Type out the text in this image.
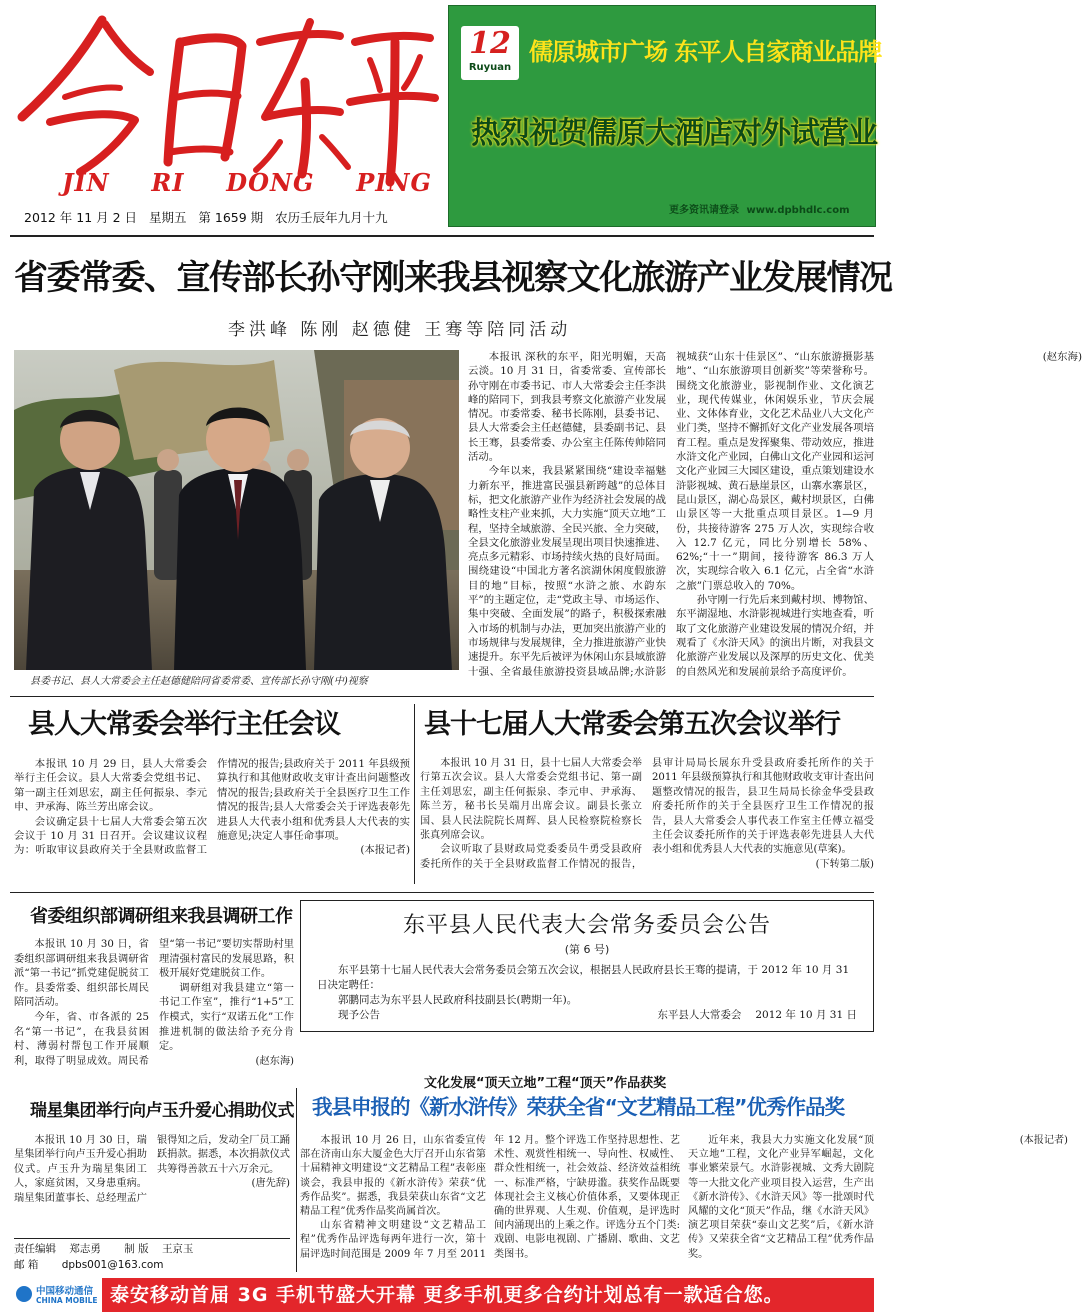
JIN RI DONG PING
2012 年 11 月 2 日 星期五 第 1659 期 农历壬辰年九月十九
12
Ruyuan
儒原城市广场 东平人自家商业品牌
热烈祝贺儒原大酒店对外试营业
更多资讯请登录 www.dpbhdlc.com
省委常委、宣传部长孙守刚来我县视察文化旅游产业发展情况
李洪峰 陈刚 赵德健 王骞等陪同活动
县委书记、县人大常委会主任赵德健陪同省委常委、宣传部长孙守刚(中)视察

本报讯 深秋的东平，阳光明媚，天高云淡。10 月 31 日，省委常委、宣传部长孙守刚在市委书记、市人大常委会主任李洪峰的陪同下，到我县考察文化旅游产业发展情况。市委常委、秘书长陈刚，县委书记、县人大常委会主任赵德健，县委副书记、县长王骞，县委常委、办公室主任陈传帅陪同活动。

今年以来，我县紧紧围绕“建设幸福魅力新东平，推进富民强县新跨越”的总体目标，把文化旅游产业作为经济社会发展的战略性支柱产业来抓，大力实施“顶天立地”工程，坚持全域旅游、全民兴旅、全力突破，全县文化旅游业发展呈现出项目快速推进、亮点多元精彩、市场持续火热的良好局面。围绕建设“中国北方著名滨湖休闲度假旅游目的地”目标，按照“水浒之旅、水韵东平”的主题定位，走“党政主导、市场运作、集中突破、全面发展”的路子，积极探索融入市场的机制与办法，更加突出旅游产业的市场规律与发展规律，全力推进旅游产业快速提升。东平先后被评为休闲山东县域旅游十强、全省最佳旅游投资县域品牌;水浒影视城获“山东十佳景区”、“山东旅游摄影基地”、“山东旅游项目创新奖”等荣誉称号。围绕文化旅游业，影视制作业、文化演艺业，现代传媒业，休闲娱乐业，节庆会展业、文体体育业，文化艺术品业八大文化产业门类，坚持不懈抓好文化产业发展各项培育工程。重点是发挥聚集、带动效应，推进水浒文化产业园，白佛山文化产业园和运河文化产业园三大园区建设，重点策划建设水浒影视城、黄石悬崖景区，山寨水寨景区，昆山景区，湖心岛景区，戴村坝景区，白佛山景区等一大批重点项目景区。1—9 月份，共接待游客 275 万人次，实现综合收入 12.7 亿元，同比分别增长 58%、62%;“十一”期间，接待游客 86.3 万人次，实现综合收入 6.1 亿元，占全省“水浒之旅”门票总收入的 70%。

孙守刚一行先后来到戴村坝、博物馆、东平湖湿地、水浒影视城进行实地查看，听取了文化旅游产业建设发展的情况介绍，并观看了《水浒天风》的演出片断，对我县文化旅游产业发展以及深厚的历史文化、优美的自然风光和发展前景给予高度评价。

(赵东海)

县人大常委会举行主任会议

本报讯 10 月 29 日，县人大常委会举行主任会议。县人大常委会党组书记、第一副主任刘思宏，副主任何振泉、李元申、尹承海、陈兰芳出席会议。

会议确定县十七届人大常委会第五次会议于 10 月 31 日召开。会议建议议程为：听取审议县政府关于全县财政监督工作情况的报告;县政府关于 2011 年县级预算执行和其他财政收支审计查出问题整改情况的报告;县政府关于全县医疗卫生工作情况的报告;县人大常委会关于评选表彰先进县人大代表小组和优秀县人大代表的实施意见;决定人事任命事项。

(本报记者)

县十七届人大常委会第五次会议举行

本报讯 10 月 31 日，县十七届人大常委会举行第五次会议。县人大常委会党组书记、第一副主任刘思宏，副主任何振泉、李元申、尹承海、陈兰芳，秘书长吴端月出席会议。副县长张立国、县人民法院院长周辉、县人民检察院检察长张真列席会议。

会议听取了县财政局党委委员牛勇受县政府委托所作的关于全县财政监督工作情况的报告，县审计局局长展东升受县政府委托所作的关于 2011 年县级预算执行和其他财政收支审计查出问题整改情况的报告，县卫生局局长徐金华受县政府委托所作的关于全县医疗卫生工作情况的报告，县人大常委会人事代表工作室主任傅立福受主任会议委托所作的关于评选表彰先进县人大代表小组和优秀县人大代表的实施意见(草案)。

(下转第二版)

省委组织部调研组来我县调研工作

本报讯 10 月 30 日，省委组织部调研组来我县调研省派“第一书记”抓党建促脱贫工作。县委常委、组织部长周民陪同活动。

今年，省、市各派的 25 名“第一书记”，在我县贫困村、薄弱村帮包工作开展顺利，取得了明显成效。周民希望“第一书记”要切实帮助村里理清强村富民的发展思路，积极开展好党建脱贫工作。

调研组对我县建立“第一书记工作室”，推行“1+5”工作模式，实行“双诺五化”工作推进机制的做法给予充分肯定。

(赵东海)

东平县人民代表大会常务委员会公告
(第 6 号)

东平县第十七届人民代表大会常务委员会第五次会议，根据县人民政府县长王骞的提请，于 2012 年 10 月 31 日决定聘任：

郭鹏同志为东平县人民政府科技副县长(聘期一年)。

现予公告	东平县人大常委会 2012 年 10 月 31 日
文化发展“顶天立地”工程“顶天”作品获奖
我县申报的《新水浒传》荣获全省“文艺精品工程”优秀作品奖

本报讯 10 月 26 日，山东省委宣传部在济南山东大厦金色大厅召开山东省第十届精神文明建设“文艺精品工程”表彰座谈会，我县申报的《新水浒传》荣获“优秀作品奖”。据悉，我县荣获山东省“文艺精品工程”优秀作品奖尚属首次。

山东省精神文明建设“文艺精品工程”优秀作品评选每两年进行一次，第十届评选时间范围是 2009 年 7 月至 2011 年 12 月。整个评选工作坚持思想性、艺术性、观赏性相统一、导向性、权威性、群众性相统一，社会效益、经济效益相统一、标准严格，宁缺毋滥。获奖作品既要体现社会主义核心价值体系，又要体现正确的世界观、人生观、价值观，是评选时间内涌现出的上乘之作。评选分五个门类:戏剧、电影电视剧、广播剧、歌曲、文艺类图书。

近年来，我县大力实施文化发展“顶天立地”工程，文化产业异军崛起，文化事业繁荣景气。水浒影视城、文秀大剧院等一大批文化产业项目投入运营，生产出《新水浒传》、《水浒天风》等一批颂时代风耀的文化“顶天”作品，继《水浒天风》演艺项目荣获“泰山文艺奖”后，《新水浒传》又荣获全省“文艺精品工程”优秀作品奖。

(本报记者)

瑞星集团举行向卢玉升爱心捐助仪式

本报讯 10 月 30 日，瑞星集团举行向卢玉升爱心捐助仪式。卢玉升为瑞星集团工人，家庭贫困，又身患重病。瑞星集团董事长、总经理孟广银得知之后，发动全厂员工踊跃捐款。据悉，本次捐款仪式共筹得善款五十六万余元。

(唐先辞)

责任编辑 郑志勇 制 版 王京玉
邮 箱 dpbs001@163.com
中国移动通信
CHINA MOBILE 泰安移动首届 3G 手机节盛大开幕 更多手机更多合约计划总有一款适合您。
